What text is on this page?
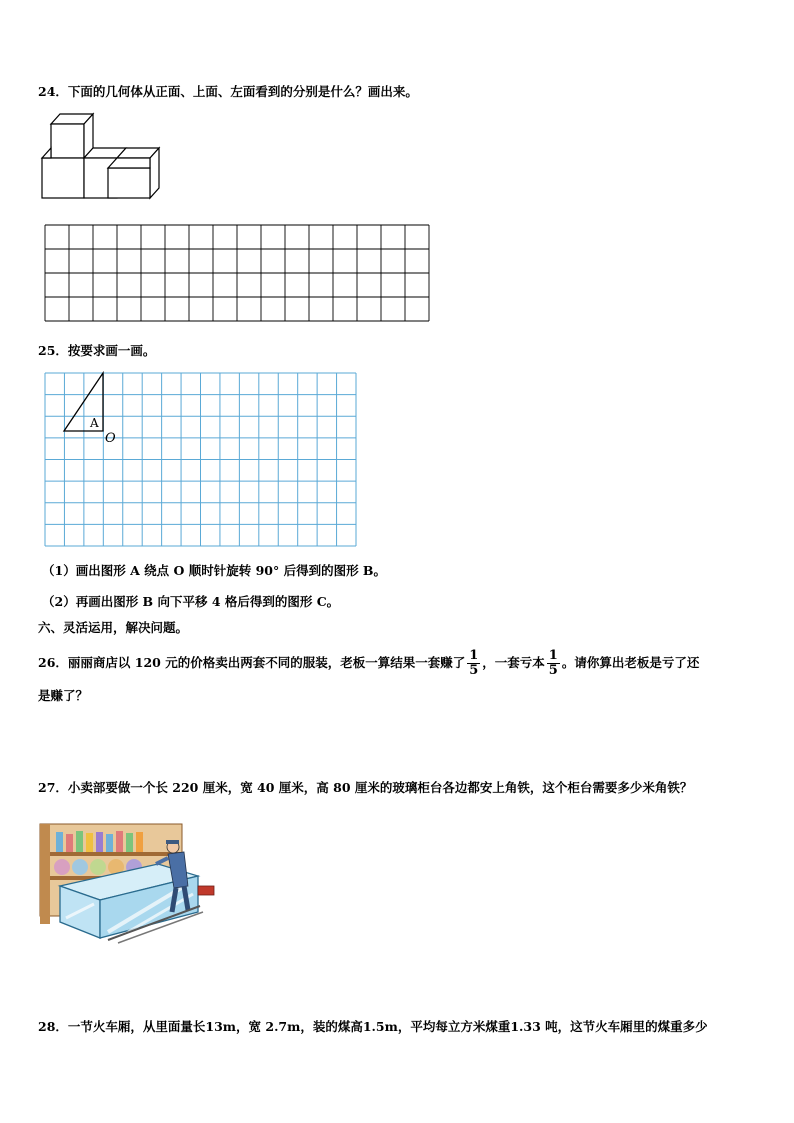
24．下面的几何体从正面、上面、左面看到的分别是什么？画出来。
25．按要求画一画。
A
O
（1）画出图形 A 绕点 O 顺时针旋转 90° 后得到的图形 B。
（2）再画出图形 B 向下平移 4 格后得到的图形 C。
六、灵活运用，解决问题。
26．丽丽商店以 120 元的价格卖出两套不同的服装，老板一算结果一套赚了 $\frac{1}{5}$ ，一套亏本 $\frac{1}{5}$ 。请你算出老板是亏了还
是赚了？
27．小卖部要做一个长 220 厘米，宽 40 厘米，高 80 厘米的玻璃柜台各边都安上角铁，这个柜台需要多少米角铁？
28．一节火车厢，从里面量长13m，宽 2.7m，装的煤高1.5m，平均每立方米煤重1.33 吨，这节火车厢里的煤重多少
